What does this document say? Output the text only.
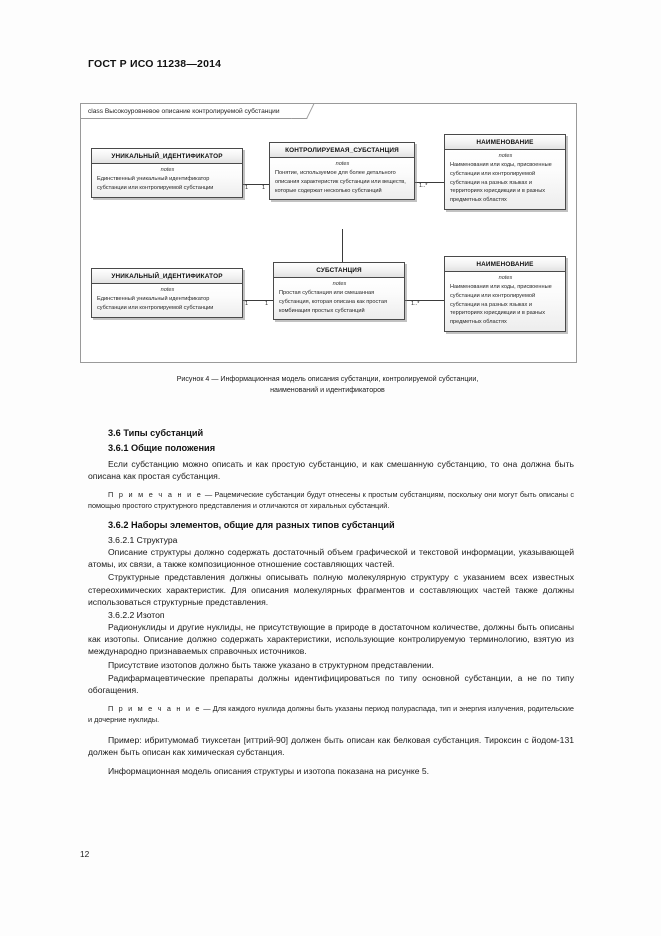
ГОСТ Р ИСО 11238—2014
class Высокоуровневое описание контролируемой субстанции
1 1	1..*
1	1	1..*
УНИКАЛЬНЫЙ_ИДЕНТИФИКАТОР
notes
Единственный уникальный идентификатор субстанции или контролируемой субстанции
КОНТРОЛИРУЕМАЯ_СУБСТАНЦИЯ
notes
Понятие, используемое для более детального описания характеристик субстанции или веществ, которые содержат несколько субстанций
НАИМЕНОВАНИЕ
notes
Наименования или коды, присвоенные субстанции или контролируемой субстанции на разных языках и территориях юрисдикции и в разных предметных областях
УНИКАЛЬНЫЙ_ИДЕНТИФИКАТОР
notes
Единственный уникальный идентификатор субстанции или контролируемой субстанции
СУБСТАНЦИЯ
notes
Простая субстанция или смешанная субстанция, которая описана как простая комбинация простых субстанций
НАИМЕНОВАНИЕ
notes
Наименования или коды, присвоенные субстанции или контролируемой субстанции на разных языках и территориях юрисдикции и в разных предметных областях
Рисунок 4 — Информационная модель описания субстанции, контролируемой субстанции,
наименований и идентификаторов
3.6 Типы субстанций
3.6.1 Общие положения

Если субстанцию можно описать и как простую субстанцию, и как смешанную субстанцию, то она должна быть описана как простая субстанция.

П р и м е ч а н и е — Рацемические субстанции будут отнесены к простым субстанциям, поскольку они могут быть описаны с помощью простого структурного представления и отличаются от хиральных субстанций.

3.6.2 Наборы элементов, общие для разных типов субстанций
3.6.2.1 Структура

Описание структуры должно содержать достаточный объем графической и текстовой информации, указывающей атомы, их связи, а также композиционное отношение составляющих частей.

Структурные представления должны описывать полную молекулярную структуру с указанием всех известных стереохимических характеристик. Для описания молекулярных фрагментов и составляющих частей также должны использоваться структурные представления.

3.6.2.2 Изотоп

Радионуклиды и другие нуклиды, не присутствующие в природе в достаточном количестве, должны быть описаны как изотопы. Описание должно содержать характеристики, использующие контролируемую терминологию, взятую из международно признаваемых справочных источников.

Присутствие изотопов должно быть также указано в структурном представлении.

Радифармацевтические препараты должны идентифицироваться по типу основной субстанции, а не по типу обогащения.

П р и м е ч а н и е — Для каждого нуклида должны быть указаны период полураспада, тип и энергия излучения, родительские и дочерние нуклиды.

Пример: ибритумомаб тиуксетан [иттрий-90] должен быть описан как белковая субстанция. Тироксин с йодом-131 должен быть описан как химическая субстанция.

Информационная модель описания структуры и изотопа показана на рисунке 5.

12
